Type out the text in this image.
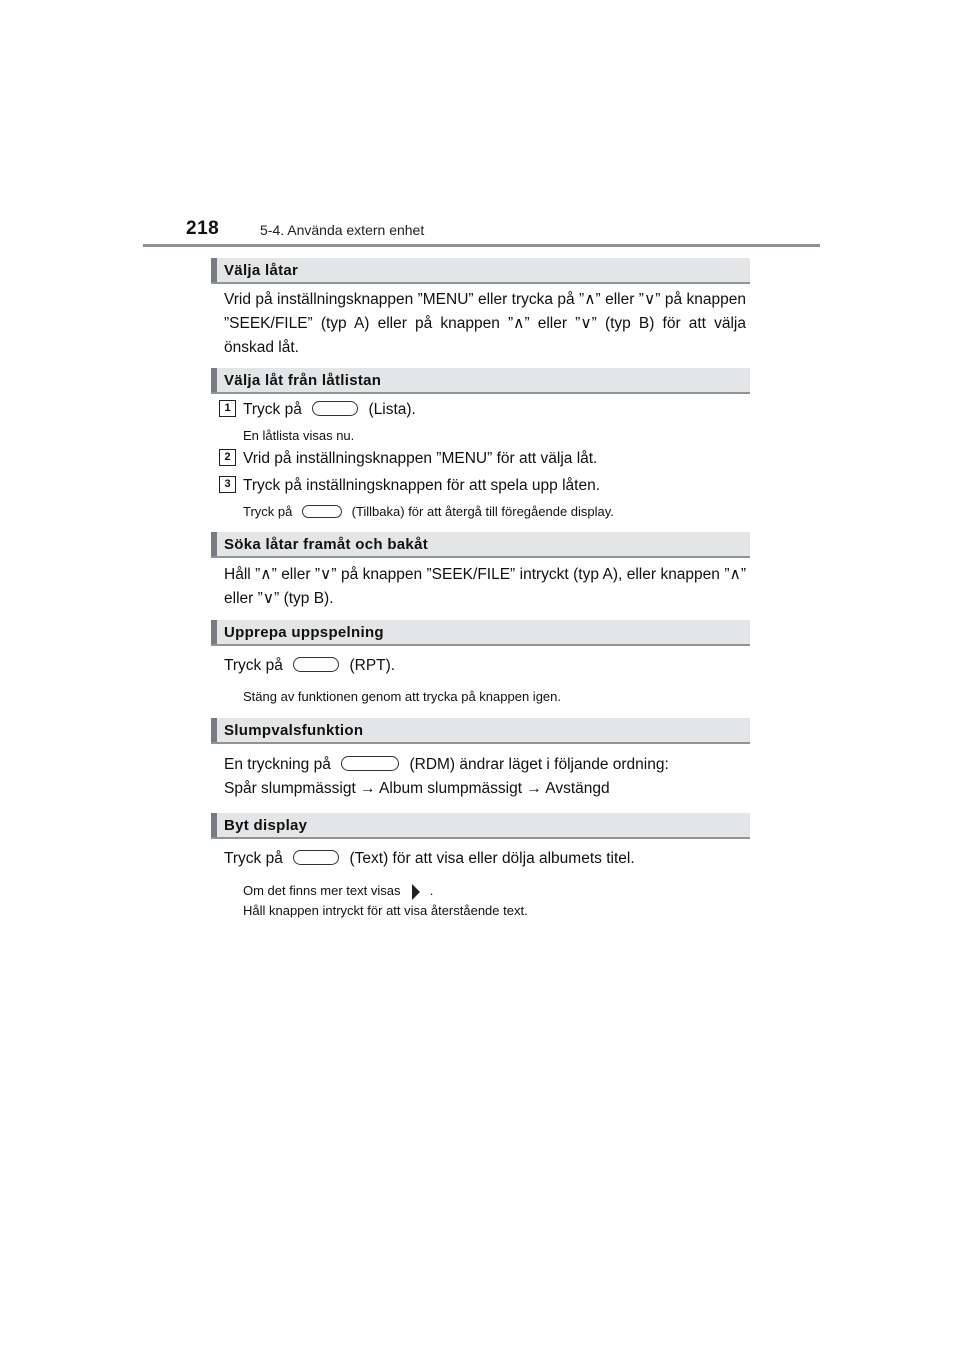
218	5-4. Använda extern enhet
Välja låtar
Vrid på inställningsknappen ”MENU” eller trycka på ”∧” eller ”∨” på knappen ”SEEK/FILE” (typ A) eller på knappen ”∧” eller ”∨” (typ B) för att välja önskad låt.
Välja låt från låtlistan
1 Tryck på	(Lista).
En låtlista visas nu.
2 Vrid på inställningsknappen ”MENU” för att välja låt.
3 Tryck på inställningsknappen för att spela upp låten.
Tryck på	(Tillbaka) för att återgå till föregående display.
Söka låtar framåt och bakåt
Håll ”∧” eller ”∨” på knappen ”SEEK/FILE” intryckt (typ A), eller knappen ”∧” eller ”∨” (typ B).
Upprepa uppspelning
Tryck på	(RPT).
Stäng av funktionen genom att trycka på knappen igen.
Slumpvalsfunktion
En tryckning på	(RDM) ändrar läget i följande ordning:
Spår slumpmässigt → Album slumpmässigt → Avstängd
Byt display
Tryck på	(Text) för att visa eller dölja albumets titel.
Om det finns mer text visas .
Håll knappen intryckt för att visa återstående text.
